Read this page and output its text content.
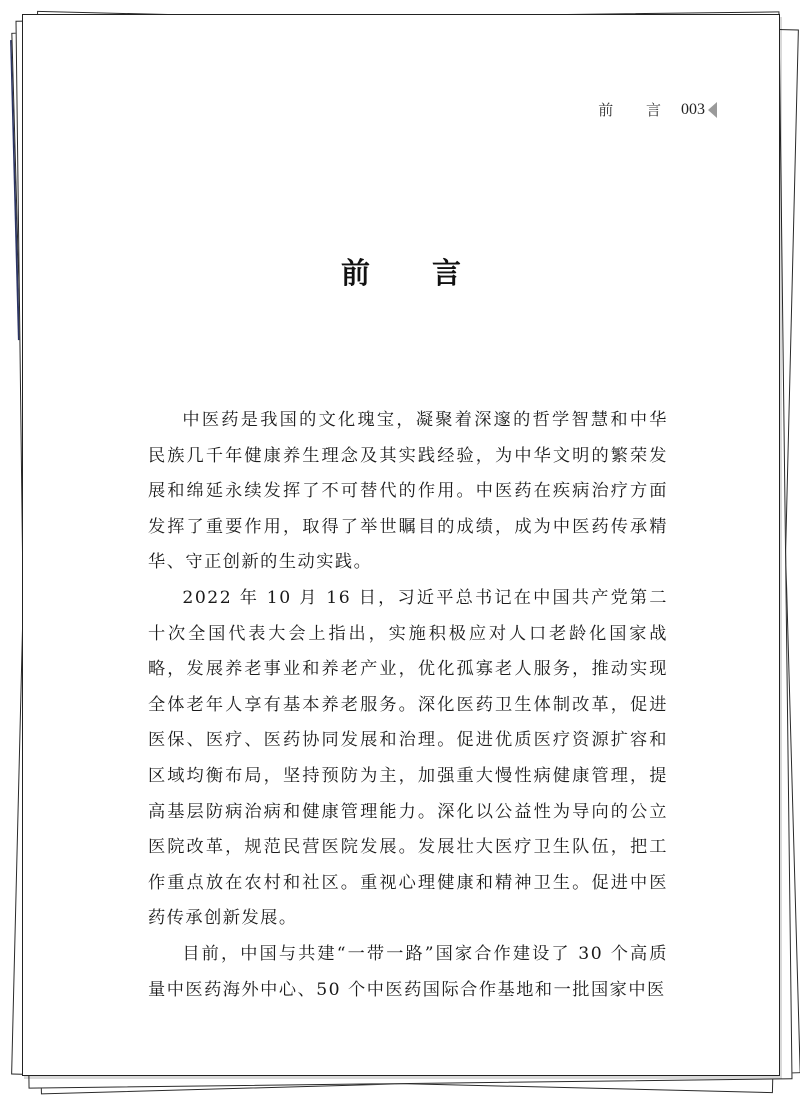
前 言 003
前 言

中医药是我国的文化瑰宝，凝聚着深邃的哲学智慧和中华民族几千年健康养生理念及其实践经验，为中华文明的繁荣发展和绵延永续发挥了不可替代的作用。中医药在疾病治疗方面发挥了重要作用，取得了举世瞩目的成绩，成为中医药传承精华、守正创新的生动实践。

2022 年 10 月 16 日，习近平总书记在中国共产党第二十次全国代表大会上指出，实施积极应对人口老龄化国家战略，发展养老事业和养老产业，优化孤寡老人服务，推动实现全体老年人享有基本养老服务。深化医药卫生体制改革，促进医保、医疗、医药协同发展和治理。促进优质医疗资源扩容和区域均衡布局，坚持预防为主，加强重大慢性病健康管理，提高基层防病治病和健康管理能力。深化以公益性为导向的公立医院改革，规范民营医院发展。发展壮大医疗卫生队伍，把工作重点放在农村和社区。重视心理健康和精神卫生。促进中医药传承创新发展。

目前，中国与共建“一带一路”国家合作建设了 30 个高质量中医药海外中心、50 个中医药国际合作基地和一批国家中医
